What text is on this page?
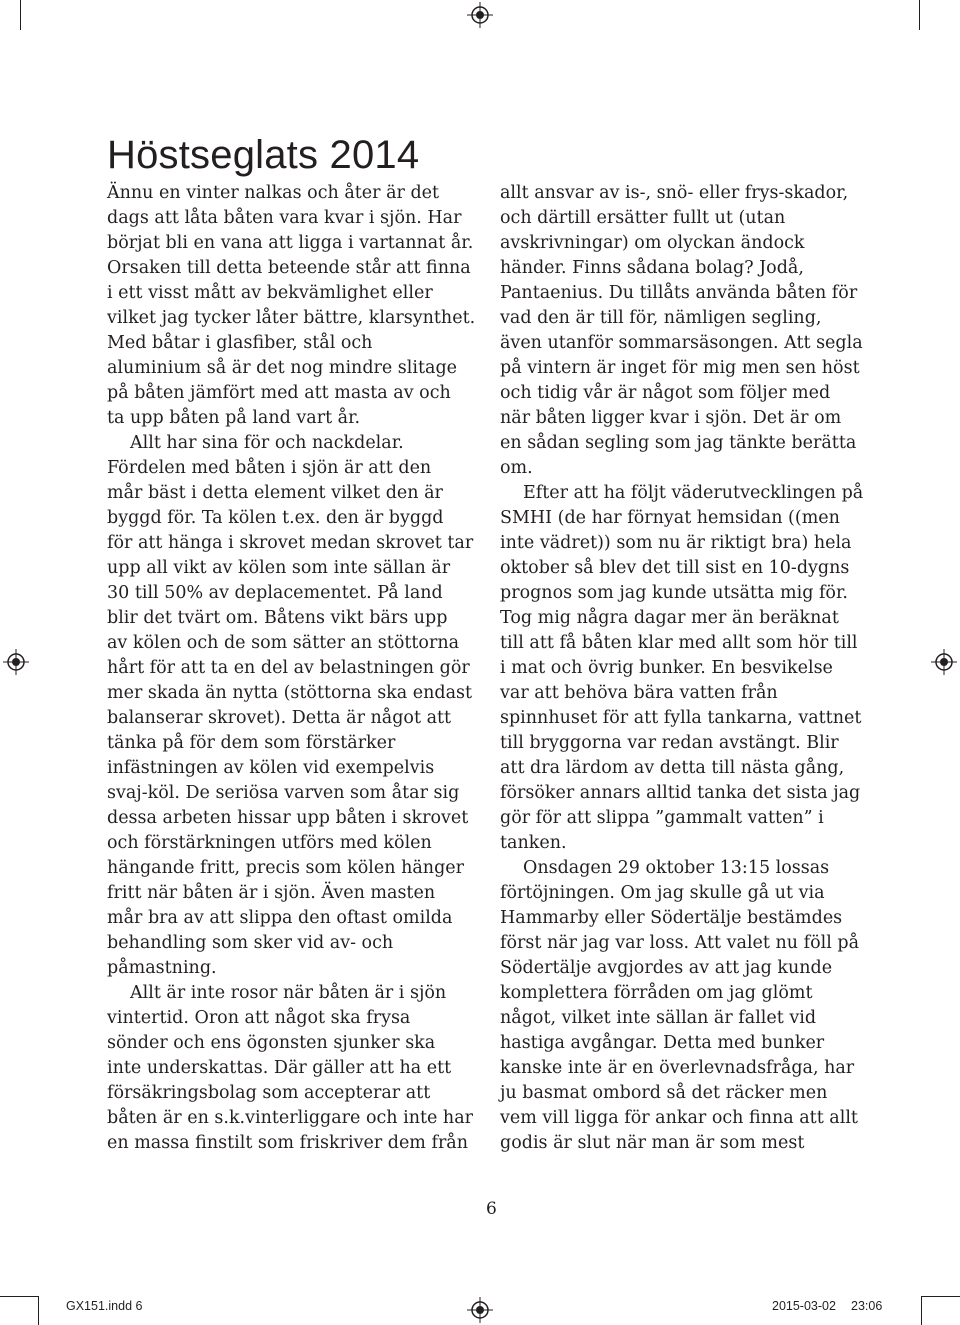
Höstseglats 2014
Ännu en vinter nalkas och åter är det
dags att låta båten vara kvar i sjön. Har
börjat bli en vana att ligga i vartannat år.
Orsaken till detta beteende står att finna
i ett visst mått av bekvämlighet eller
vilket jag tycker låter bättre, klarsynthet.
Med båtar i glasfiber, stål och
aluminium så är det nog mindre slitage
på båten jämfört med att masta av och
ta upp båten på land vart år.
Allt har sina för och nackdelar.
Fördelen med båten i sjön är att den
mår bäst i detta element vilket den är
byggd för. Ta kölen t.ex. den är byggd
för att hänga i skrovet medan skrovet tar
upp all vikt av kölen som inte sällan är
30 till 50% av deplacementet. På land
blir det tvärt om. Båtens vikt bärs upp
av kölen och de som sätter an stöttorna
hårt för att ta en del av belastningen gör
mer skada än nytta (stöttorna ska endast
balanserar skrovet). Detta är något att
tänka på för dem som förstärker
infästningen av kölen vid exempelvis
svaj-köl. De seriösa varven som åtar sig
dessa arbeten hissar upp båten i skrovet
och förstärkningen utförs med kölen
hängande fritt, precis som kölen hänger
fritt när båten är i sjön. Även masten
mår bra av att slippa den oftast omilda
behandling som sker vid av- och
påmastning.
Allt är inte rosor när båten är i sjön
vintertid. Oron att något ska frysa
sönder och ens ögonsten sjunker ska
inte underskattas. Där gäller att ha ett
försäkringsbolag som accepterar att
båten är en s.k.vinterliggare och inte har
en massa finstilt som friskriver dem från
allt ansvar av is-, snö- eller frys-skador,
och därtill ersätter fullt ut (utan
avskrivningar) om olyckan ändock
händer. Finns sådana bolag? Jodå,
Pantaenius. Du tillåts använda båten för
vad den är till för, nämligen segling,
även utanför sommarsäsongen. Att segla
på vintern är inget för mig men sen höst
och tidig vår är något som följer med
när båten ligger kvar i sjön. Det är om
en sådan segling som jag tänkte berätta
om.
Efter att ha följt väderutvecklingen på
SMHI (de har förnyat hemsidan ((men
inte vädret)) som nu är riktigt bra) hela
oktober så blev det till sist en 10-dygns
prognos som jag kunde utsätta mig för.
Tog mig några dagar mer än beräknat
till att få båten klar med allt som hör till
i mat och övrig bunker. En besvikelse
var att behöva bära vatten från
spinnhuset för att fylla tankarna, vattnet
till bryggorna var redan avstängt. Blir
att dra lärdom av detta till nästa gång,
försöker annars alltid tanka det sista jag
gör för att slippa ”gammalt vatten” i
tanken.
Onsdagen 29 oktober 13:15 lossas
förtöjningen. Om jag skulle gå ut via
Hammarby eller Södertälje bestämdes
först när jag var loss. Att valet nu föll på
Södertälje avgjordes av att jag kunde
komplettera förråden om jag glömt
något, vilket inte sällan är fallet vid
hastiga avgångar. Detta med bunker
kanske inte är en överlevnadsfråga, har
ju basmat ombord så det räcker men
vem vill ligga för ankar och finna att allt
godis är slut när man är som mest
6
GX151.indd 6	2015-03-02 23:06
